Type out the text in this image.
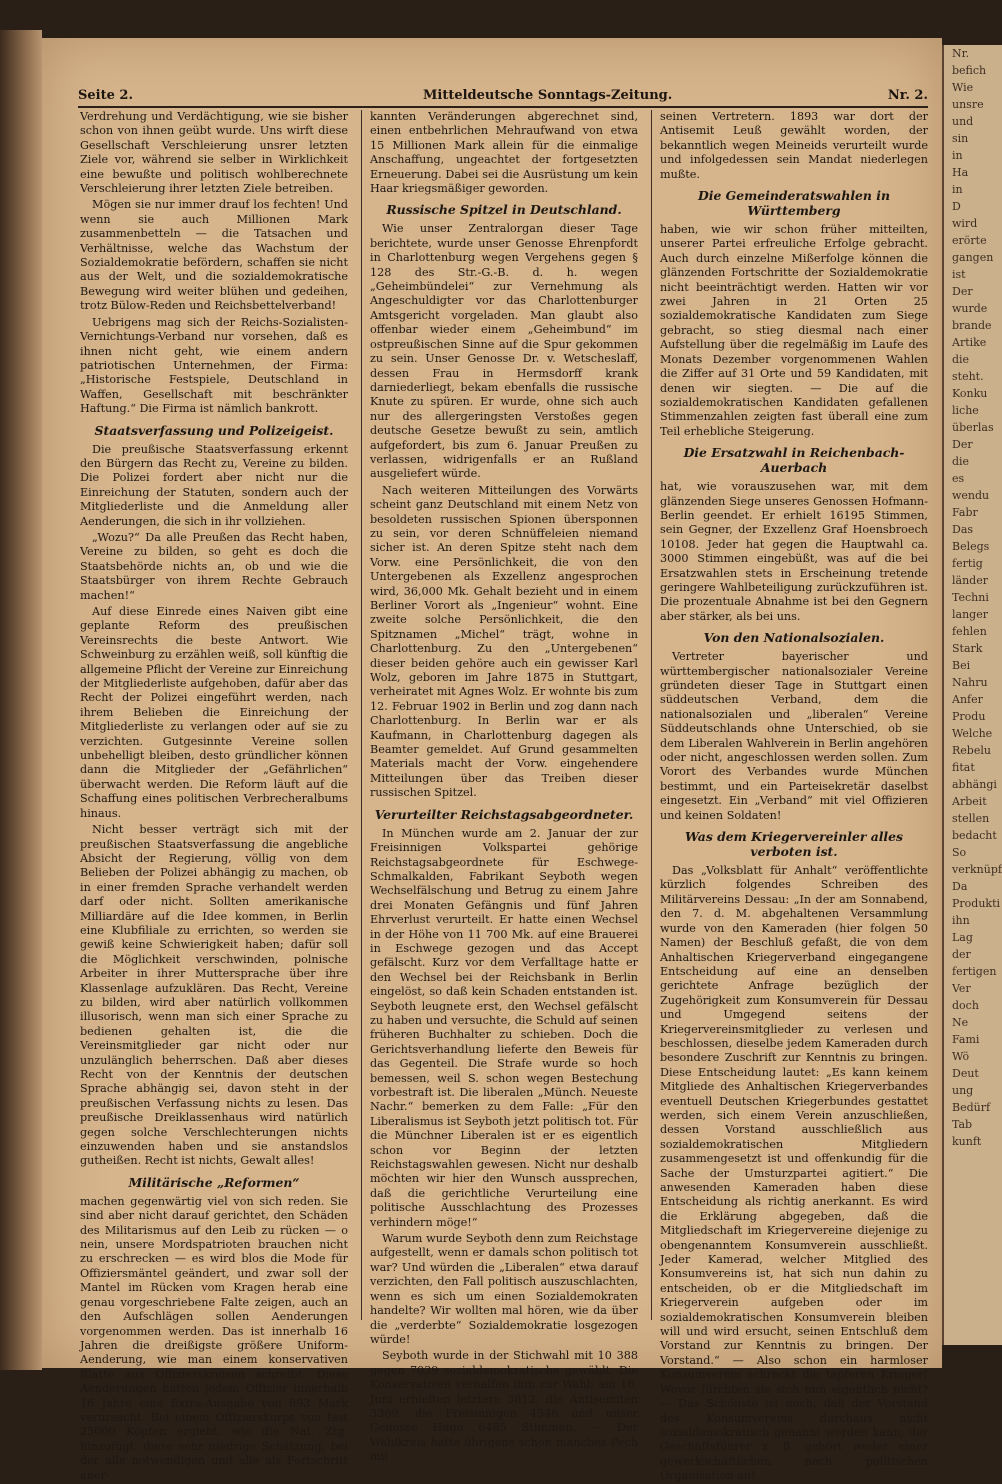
Nr.
befich
Wie
unsre
und
sin
in
Ha
in
D
wird
erörte
gangen
ist
Der
wurde
brande
Artike
die
steht.
Konku
liche
überlas
Der
die
es
wendu
Fabr
Das
Belegs
fertig
länder
Techni
langer
fehlen
Stark
Bei
Nahru
Anfer
Produ
Welche
Rebelu
fitat
abhängi
Arbeit
stellen
bedacht
So
verknüpf
Da
Produkti
ihn
Lag
der
fertigen
Ver
doch
Ne
Fami
Wö
Deut
ung
Bedürf
Tab
kunft
Seite 2.	Mitteldeutsche Sonntags-Zeitung.	Nr. 2.

Verdrehung und Verdächtigung, wie sie bisher schon von ihnen geübt wurde. Uns wirft diese Gesellschaft Verschleierung unsrer letzten Ziele vor, während sie selber in Wirklichkeit eine bewußte und politisch wohlberechnete Verschleierung ihrer letzten Ziele betreiben.

Mögen sie nur immer drauf los fechten! Und wenn sie auch Millionen Mark zusammenbetteln — die Tatsachen und Verhältnisse, welche das Wachstum der Sozialdemokratie befördern, schaffen sie nicht aus der Welt, und die sozialdemokratische Bewegung wird weiter blühen und gedeihen, trotz Bülow-Reden und Reichsbettelverband!

Uebrigens mag sich der Reichs-Sozialisten-Vernichtungs-Verband nur vorsehen, daß es ihnen nicht geht, wie einem andern patriotischen Unternehmen, der Firma: „Historische Festspiele, Deutschland in Waffen, Gesellschaft mit beschränkter Haftung.“ Die Firma ist nämlich bankrott.

Staatsverfassung und Polizeigeist.

Die preußische Staatsverfassung erkennt den Bürgern das Recht zu, Vereine zu bilden. Die Polizei fordert aber nicht nur die Einreichung der Statuten, sondern auch der Mitgliederliste und die Anmeldung aller Aenderungen, die sich in ihr vollziehen.

„Wozu?“ Da alle Preußen das Recht haben, Vereine zu bilden, so geht es doch die Staatsbehörde nichts an, ob und wie die Staatsbürger von ihrem Rechte Gebrauch machen!“

Auf diese Einrede eines Naiven gibt eine geplante Reform des preußischen Vereinsrechts die beste Antwort. Wie Schweinburg zu erzählen weiß, soll künftig die allgemeine Pflicht der Vereine zur Einreichung der Mitgliederliste aufgehoben, dafür aber das Recht der Polizei eingeführt werden, nach ihrem Belieben die Einreichung der Mitgliederliste zu verlangen oder auf sie zu verzichten. Gutgesinnte Vereine sollen unbehelligt bleiben, desto gründlicher können dann die Mitglieder der „Gefährlichen“ überwacht werden. Die Reform läuft auf die Schaffung eines politischen Verbrecheralbums hinaus.

Nicht besser verträgt sich mit der preußischen Staatsverfassung die angebliche Absicht der Regierung, völlig von dem Belieben der Polizei abhängig zu machen, ob in einer fremden Sprache verhandelt werden darf oder nicht. Sollten amerikanische Milliardäre auf die Idee kommen, in Berlin eine Klubfiliale zu errichten, so werden sie gewiß keine Schwierigkeit haben; dafür soll die Möglichkeit verschwinden, polnische Arbeiter in ihrer Muttersprache über ihre Klassenlage aufzuklären. Das Recht, Vereine zu bilden, wird aber natürlich vollkommen illusorisch, wenn man sich einer Sprache zu bedienen gehalten ist, die die Vereinsmitglieder gar nicht oder nur unzulänglich beherrschen. Daß aber dieses Recht von der Kenntnis der deutschen Sprache abhängig sei, davon steht in der preußischen Verfassung nichts zu lesen. Das preußische Dreiklassenhaus wird natürlich gegen solche Verschlechterungen nichts einzuwenden haben und sie anstandslos gutheißen. Recht ist nichts, Gewalt alles!

Militärische „Reformen“

machen gegenwärtig viel von sich reden. Sie sind aber nicht darauf gerichtet, den Schäden des Militarismus auf den Leib zu rücken — o nein, unsere Mordspatrioten brauchen nicht zu erschrecken — es wird blos die Mode für Offiziersmäntel geändert, und zwar soll der Mantel im Rücken vom Kragen herab eine genau vorgeschriebene Falte zeigen, auch an den Aufschlägen sollen Aenderungen vorgenommen werden. Das ist innerhalb 16 Jahren die dreißigste größere Uniform-Aenderung, wie man einem konservativen Blatte aus Offizierskreisen schreibt. Diese Aenderungen hatten jedem Offizier innerhalb 16 Jahre eine Extra-Ausgabe von 893 Mark verursacht. Bei einem Offizierskorps von fast 25000 Köpfen ergiebt, wie die Nat. Ztg. hinzufügt, diese sehr niedrige Schätzung, bei der alle notwendigen und alle als Fortschritt aner-

kannten Veränderungen abgerechnet sind, einen entbehrlichen Mehraufwand von etwa 15 Millionen Mark allein für die einmalige Anschaffung, ungeachtet der fortgesetzten Erneuerung. Dabei sei die Ausrüstung um kein Haar kriegsmäßiger geworden.

Russische Spitzel in Deutschland.

Wie unser Zentralorgan dieser Tage berichtete, wurde unser Genosse Ehrenpfordt in Charlottenburg wegen Vergehens gegen § 128 des Str.-G.-B. d. h. wegen „Geheimbündelei“ zur Vernehmung als Angeschuldigter vor das Charlottenburger Amtsgericht vorgeladen. Man glaubt also offenbar wieder einem „Geheimbund“ im ostpreußischen Sinne auf die Spur gekommen zu sein. Unser Genosse Dr. v. Wetscheslaff, dessen Frau in Hermsdorff krank darniederliegt, bekam ebenfalls die russische Knute zu spüren. Er wurde, ohne sich auch nur des allergeringsten Verstoßes gegen deutsche Gesetze bewußt zu sein, amtlich aufgefordert, bis zum 6. Januar Preußen zu verlassen, widrigenfalls er an Rußland ausgeliefert würde.

Nach weiteren Mitteilungen des Vorwärts scheint ganz Deutschland mit einem Netz von besoldeten russischen Spionen übersponnen zu sein, vor deren Schnüffeleien niemand sicher ist. An deren Spitze steht nach dem Vorw. eine Persönlichkeit, die von den Untergebenen als Exzellenz angesprochen wird, 36,000 Mk. Gehalt bezieht und in einem Berliner Vorort als „Ingenieur“ wohnt. Eine zweite solche Persönlichkeit, die den Spitznamen „Michel“ trägt, wohne in Charlottenburg. Zu den „Untergebenen“ dieser beiden gehöre auch ein gewisser Karl Wolz, geboren im Jahre 1875 in Stuttgart, verheiratet mit Agnes Wolz. Er wohnte bis zum 12. Februar 1902 in Berlin und zog dann nach Charlottenburg. In Berlin war er als Kaufmann, in Charlottenburg dagegen als Beamter gemeldet. Auf Grund gesammelten Materials macht der Vorw. eingehendere Mitteilungen über das Treiben dieser russischen Spitzel.

Verurteilter Reichstagsabgeordneter.

In München wurde am 2. Januar der zur Freisinnigen Volkspartei gehörige Reichstagsabgeordnete für Eschwege-Schmalkalden, Fabrikant Seyboth wegen Wechselfälschung und Betrug zu einem Jahre drei Monaten Gefängnis und fünf Jahren Ehrverlust verurteilt. Er hatte einen Wechsel in der Höhe von 11 700 Mk. auf eine Brauerei in Eschwege gezogen und das Accept gefälscht. Kurz vor dem Verfalltage hatte er den Wechsel bei der Reichsbank in Berlin eingelöst, so daß kein Schaden entstanden ist. Seyboth leugnete erst, den Wechsel gefälscht zu haben und versuchte, die Schuld auf seinen früheren Buchhalter zu schieben. Doch die Gerichtsverhandlung lieferte den Beweis für das Gegenteil. Die Strafe wurde so hoch bemessen, weil S. schon wegen Bestechung vorbestraft ist. Die liberalen „Münch. Neueste Nachr.“ bemerken zu dem Falle: „Für den Liberalismus ist Seyboth jetzt politisch tot. Für die Münchner Liberalen ist er es eigentlich schon vor Beginn der letzten Reichstagswahlen gewesen. Nicht nur deshalb möchten wir hier den Wunsch aussprechen, daß die gerichtliche Verurteilung eine politische Ausschlachtung des Prozesses verhindern möge!“

Warum wurde Seyboth denn zum Reichstage aufgestellt, wenn er damals schon politisch tot war? Und würden die „Liberalen“ etwa darauf verzichten, den Fall politisch auszuschlachten, wenn es sich um einen Sozialdemokraten handelte? Wir wollten mal hören, wie da über die „verderbte“ Sozialdemokratie losgezogen würde!

Seyboth wurde in der Stichwahl mit 10 388 gegen 7039 sozialdemokratische gewählt. Die Konservativen verhalfen ihm zur Wahl; am 16. Juni erhielten letztere 3812, die Antisemiten 3309, die Freisinnigen 4546 und unser Genosse Hugo 6485 Stimmen. — Der Wahlkreis hatte übrigens schon manches Pech mit

seinen Vertretern. 1893 war dort der Antisemit Leuß gewählt worden, der bekanntlich wegen Meineids verurteilt wurde und infolgedessen sein Mandat niederlegen mußte.

Die Gemeinderatswahlen in Württemberg

haben, wie wir schon früher mitteilten, unserer Partei erfreuliche Erfolge gebracht. Auch durch einzelne Mißerfolge können die glänzenden Fortschritte der Sozialdemokratie nicht beeinträchtigt werden. Hatten wir vor zwei Jahren in 21 Orten 25 sozialdemokratische Kandidaten zum Siege gebracht, so stieg diesmal nach einer Aufstellung über die regelmäßig im Laufe des Monats Dezember vorgenommenen Wahlen die Ziffer auf 31 Orte und 59 Kandidaten, mit denen wir siegten. — Die auf die sozialdemokratischen Kandidaten gefallenen Stimmenzahlen zeigten fast überall eine zum Teil erhebliche Steigerung.

Die Ersatzwahl in Reichenbach-Auerbach

hat, wie vorauszusehen war, mit dem glänzenden Siege unseres Genossen Hofmann-Berlin geendet. Er erhielt 16195 Stimmen, sein Gegner, der Exzellenz Graf Hoensbroech 10108. Jeder hat gegen die Hauptwahl ca. 3000 Stimmen eingebüßt, was auf die bei Ersatzwahlen stets in Erscheinung tretende geringere Wahlbeteiligung zurückzuführen ist. Die prozentuale Abnahme ist bei den Gegnern aber stärker, als bei uns.

Von den Nationalsozialen.

Vertreter bayerischer und württembergischer nationalsozialer Vereine gründeten dieser Tage in Stuttgart einen süddeutschen Verband, dem die nationalsozialen und „liberalen“ Vereine Süddeutschlands ohne Unterschied, ob sie dem Liberalen Wahlverein in Berlin angehören oder nicht, angeschlossen werden sollen. Zum Vorort des Verbandes wurde München bestimmt, und ein Parteisekretär daselbst eingesetzt. Ein „Verband“ mit viel Offizieren und keinen Soldaten!

Was dem Kriegervereinler alles verboten ist.

Das „Volksblatt für Anhalt“ veröffentlichte kürzlich folgendes Schreiben des Militärvereins Dessau: „In der am Sonnabend, den 7. d. M. abgehaltenen Versammlung wurde von den Kameraden (hier folgen 50 Namen) der Beschluß gefaßt, die von dem Anhaltischen Kriegerverband eingegangene Entscheidung auf eine an denselben gerichtete Anfrage bezüglich der Zugehörigkeit zum Konsumverein für Dessau und Umgegend seitens der Kriegervereinsmitglieder zu verlesen und beschlossen, dieselbe jedem Kameraden durch besondere Zuschrift zur Kenntnis zu bringen. Diese Entscheidung lautet: „Es kann keinem Mitgliede des Anhaltischen Kriegerverbandes eventuell Deutschen Kriegerbundes gestattet werden, sich einem Verein anzuschließen, dessen Vorstand ausschließlich aus sozialdemokratischen Mitgliedern zusammengesetzt ist und offenkundig für die Sache der Umsturzpartei agitiert.“ Die anwesenden Kameraden haben diese Entscheidung als richtig anerkannt. Es wird die Erklärung abgegeben, daß die Mitgliedschaft im Kriegervereine diejenige zu obengenanntem Konsumverein ausschließt. Jeder Kamerad, welcher Mitglied des Konsumvereins ist, hat sich nun dahin zu entscheiden, ob er die Mitgliedschaft im Kriegerverein aufgeben oder im sozialdemokratischen Konsumverein bleiben will und wird ersucht, seinen Entschluß dem Vorstand zur Kenntnis zu bringen. Der Vorstand.“ — Also schon ein harmloser Konsumverein schreckt die tapferen Krieger! Wovor fürchten sie sich nun eigentlich nicht? — Das Schönste ist noch, daß der Vorstand des Konsumvereins durchaus nicht sozialdemokratisch genannt werden kann; der Geschäftsführer z. B. gehört weder einer gewerkschaftlichen noch politischen Organisation an!
